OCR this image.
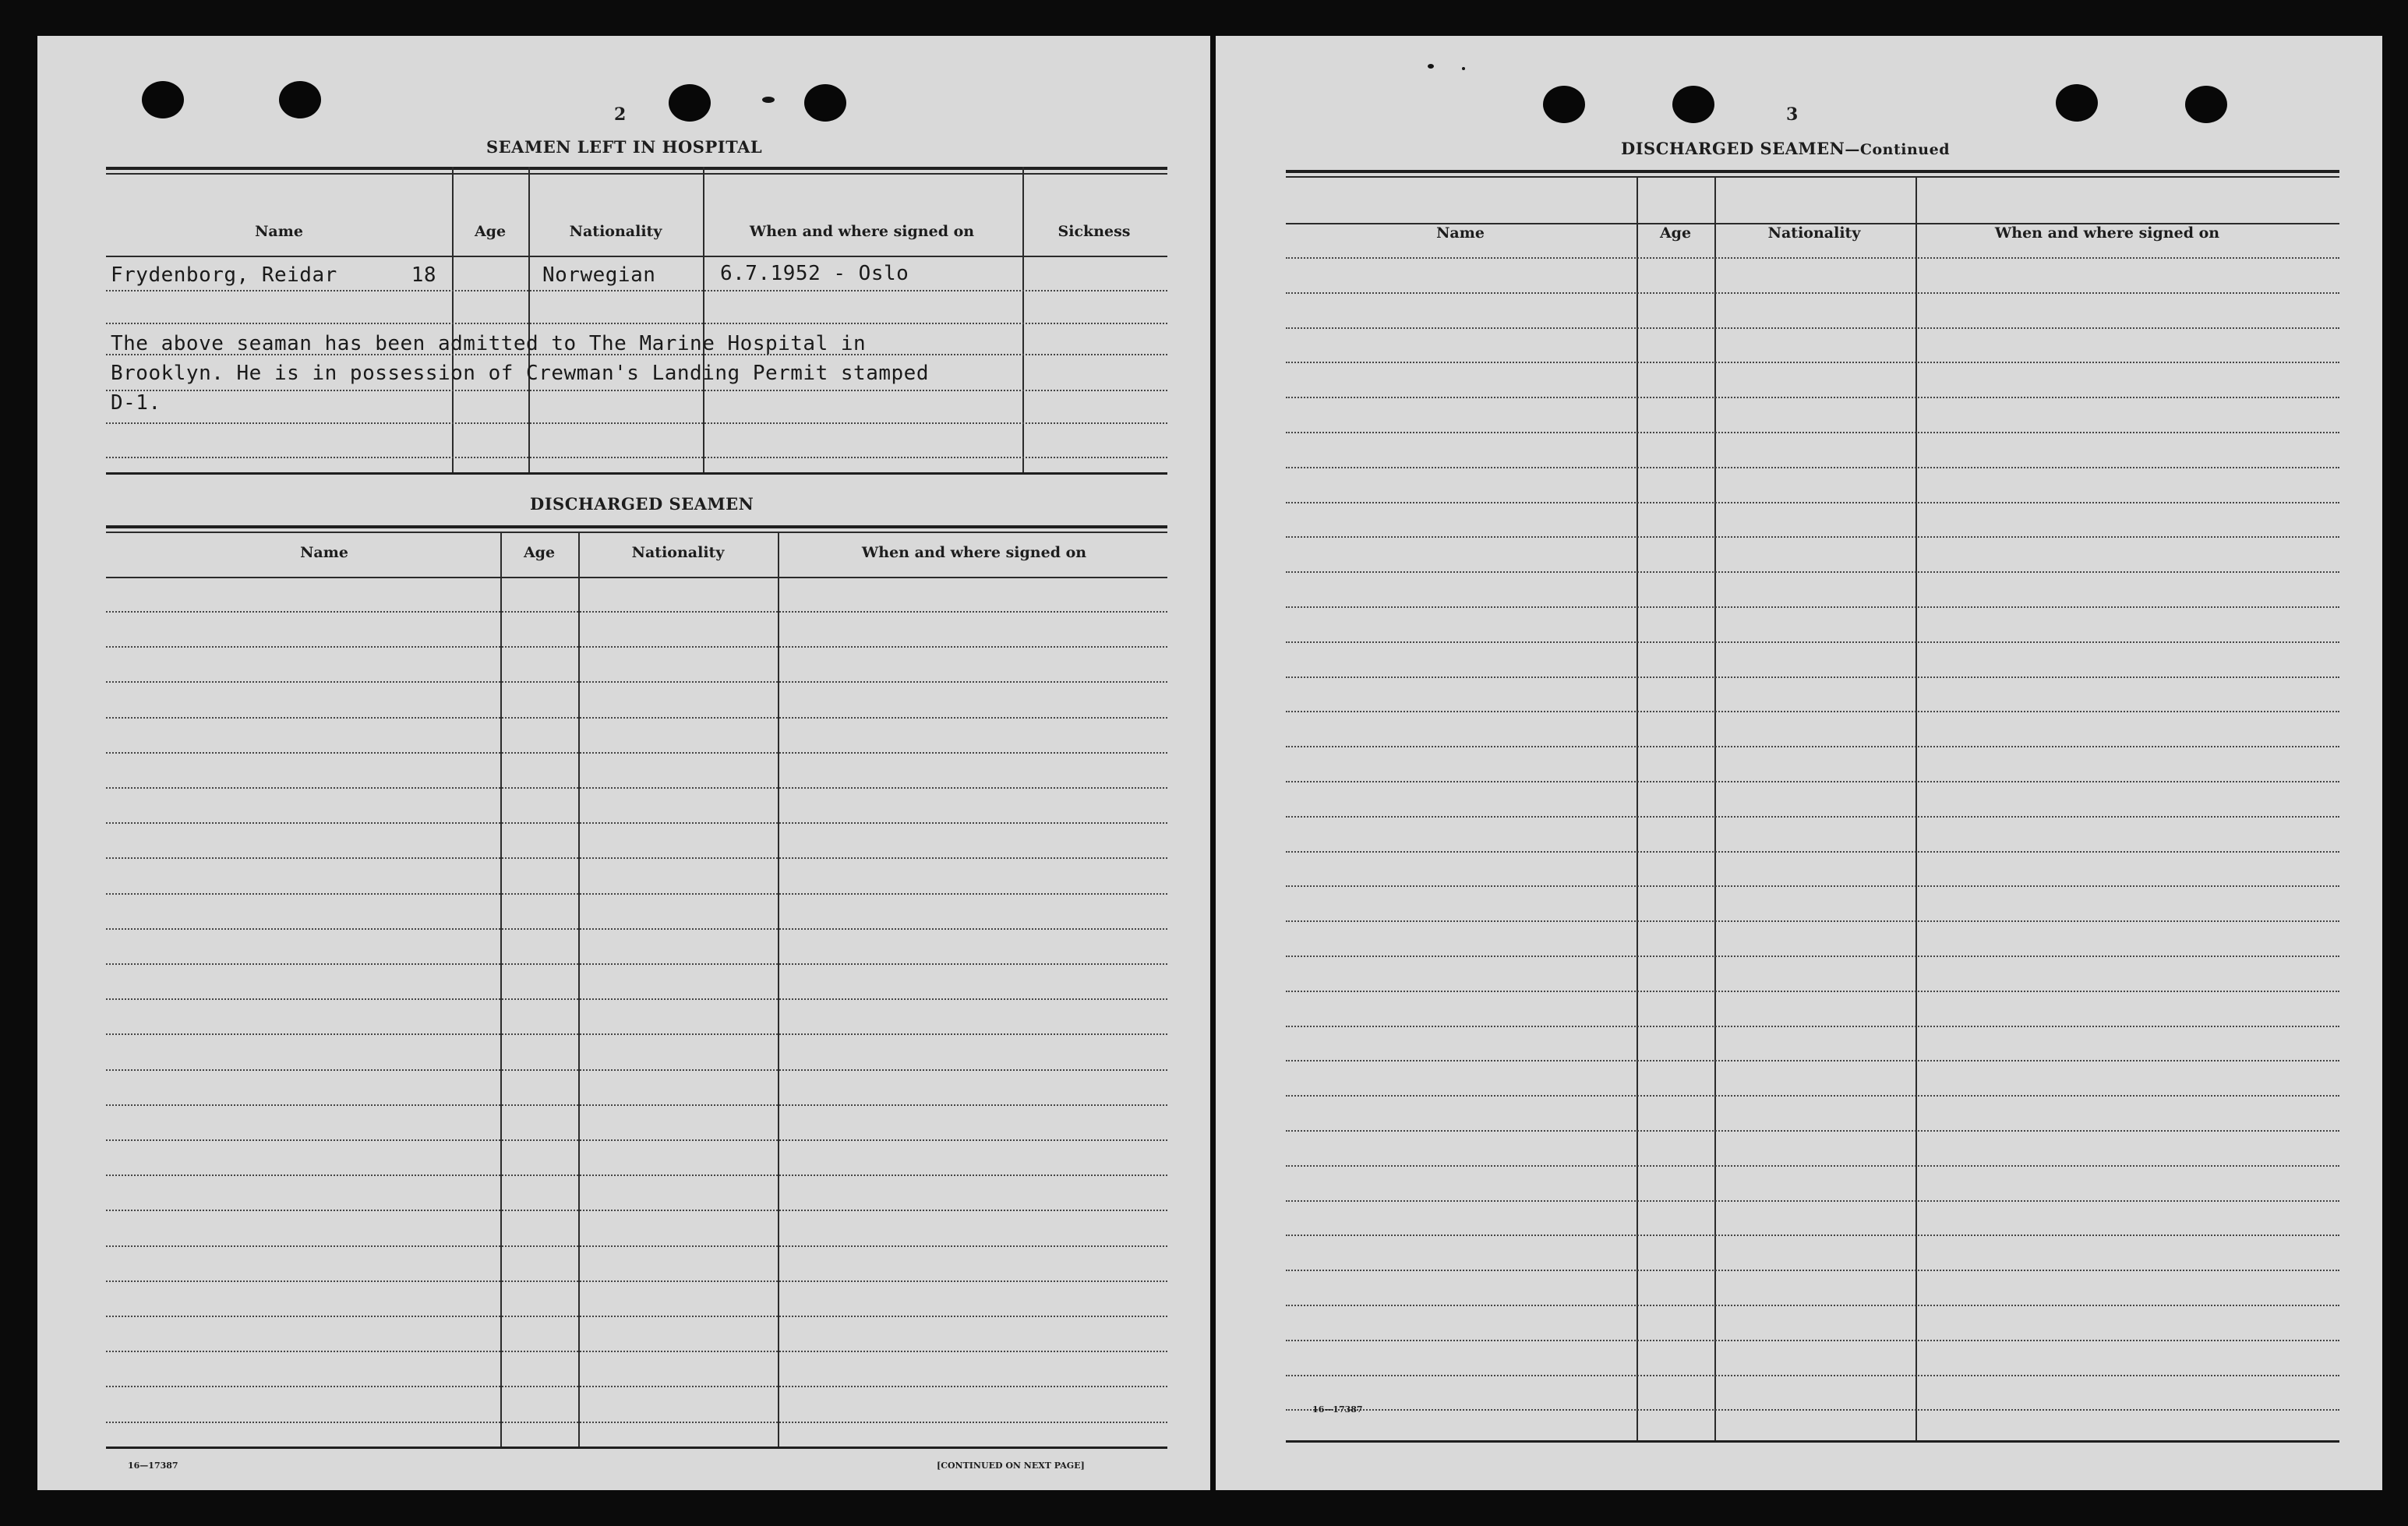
2
SEAMEN LEFT IN HOSPITAL
Name	Age	Nationality	When and where signed on	Sickness
Frydenborg, Reidar	18	Norwegian	6.7.1952 - Oslo
The above seaman has been admitted to The Marine Hospital in
Brooklyn. He is in possession of Crewman's Landing Permit stamped
D-1.
DISCHARGED SEAMEN
Name	Age	Nationality	When and where signed on
16—17387	[CONTINUED ON NEXT PAGE]
3
DISCHARGED SEAMEN—Continued
Name	Age	Nationality	When and where signed on
16—17387
